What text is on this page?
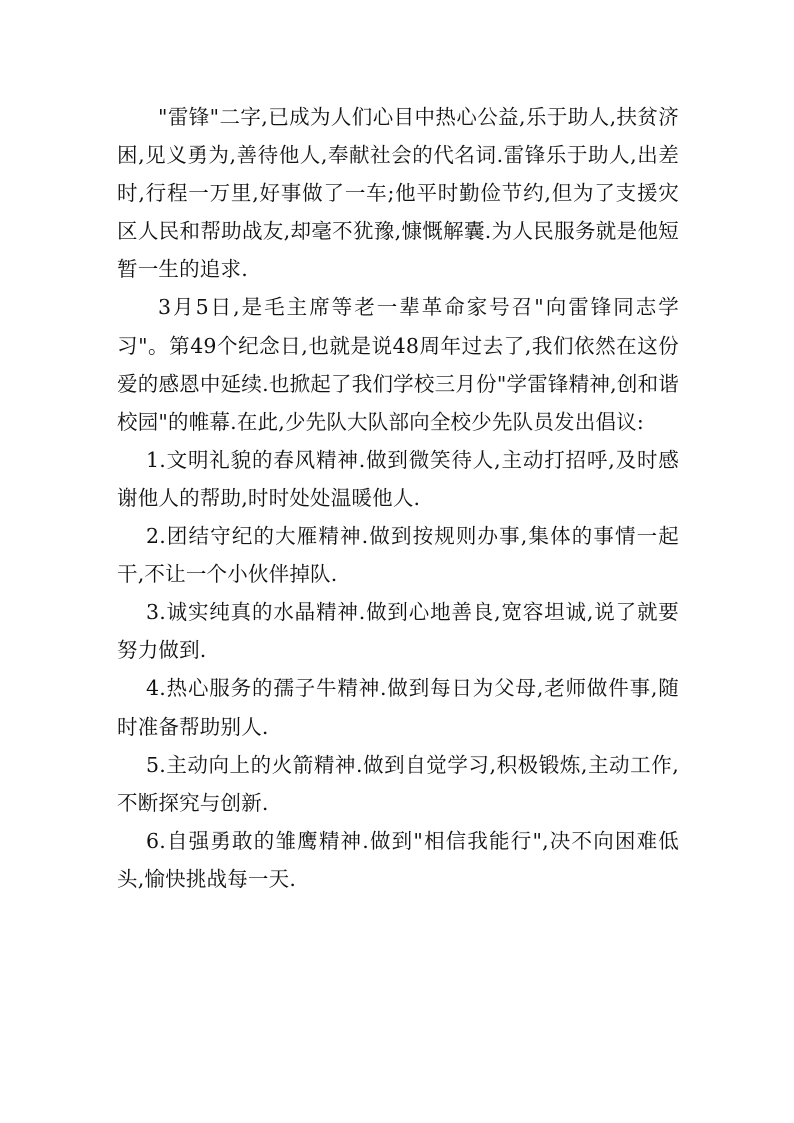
"雷锋"二字,已成为人们心目中热心公益,乐于助人,扶贫济困,见义勇为,善待他人,奉献社会的代名词.雷锋乐于助人,出差时,行程一万里,好事做了一车;他平时勤俭节约,但为了支援灾区人民和帮助战友,却毫不犹豫,慷慨解囊.为人民服务就是他短暂一生的追求.

3月5日,是毛主席等老一辈革命家号召"向雷锋同志学习"。第49个纪念日,也就是说48周年过去了,我们依然在这份爱的感恩中延续.也掀起了我们学校三月份"学雷锋精神,创和谐校园"的帷幕.在此,少先队大队部向全校少先队员发出倡议:

1.文明礼貌的春风精神.做到微笑待人,主动打招呼,及时感谢他人的帮助,时时处处温暖他人.

2.团结守纪的大雁精神.做到按规则办事,集体的事情一起干,不让一个小伙伴掉队.

3.诚实纯真的水晶精神.做到心地善良,宽容坦诚,说了就要努力做到.

4.热心服务的孺子牛精神.做到每日为父母,老师做件事,随时准备帮助别人.

5.主动向上的火箭精神.做到自觉学习,积极锻炼,主动工作,不断探究与创新.

6.自强勇敢的雏鹰精神.做到"相信我能行",决不向困难低头,愉快挑战每一天.
